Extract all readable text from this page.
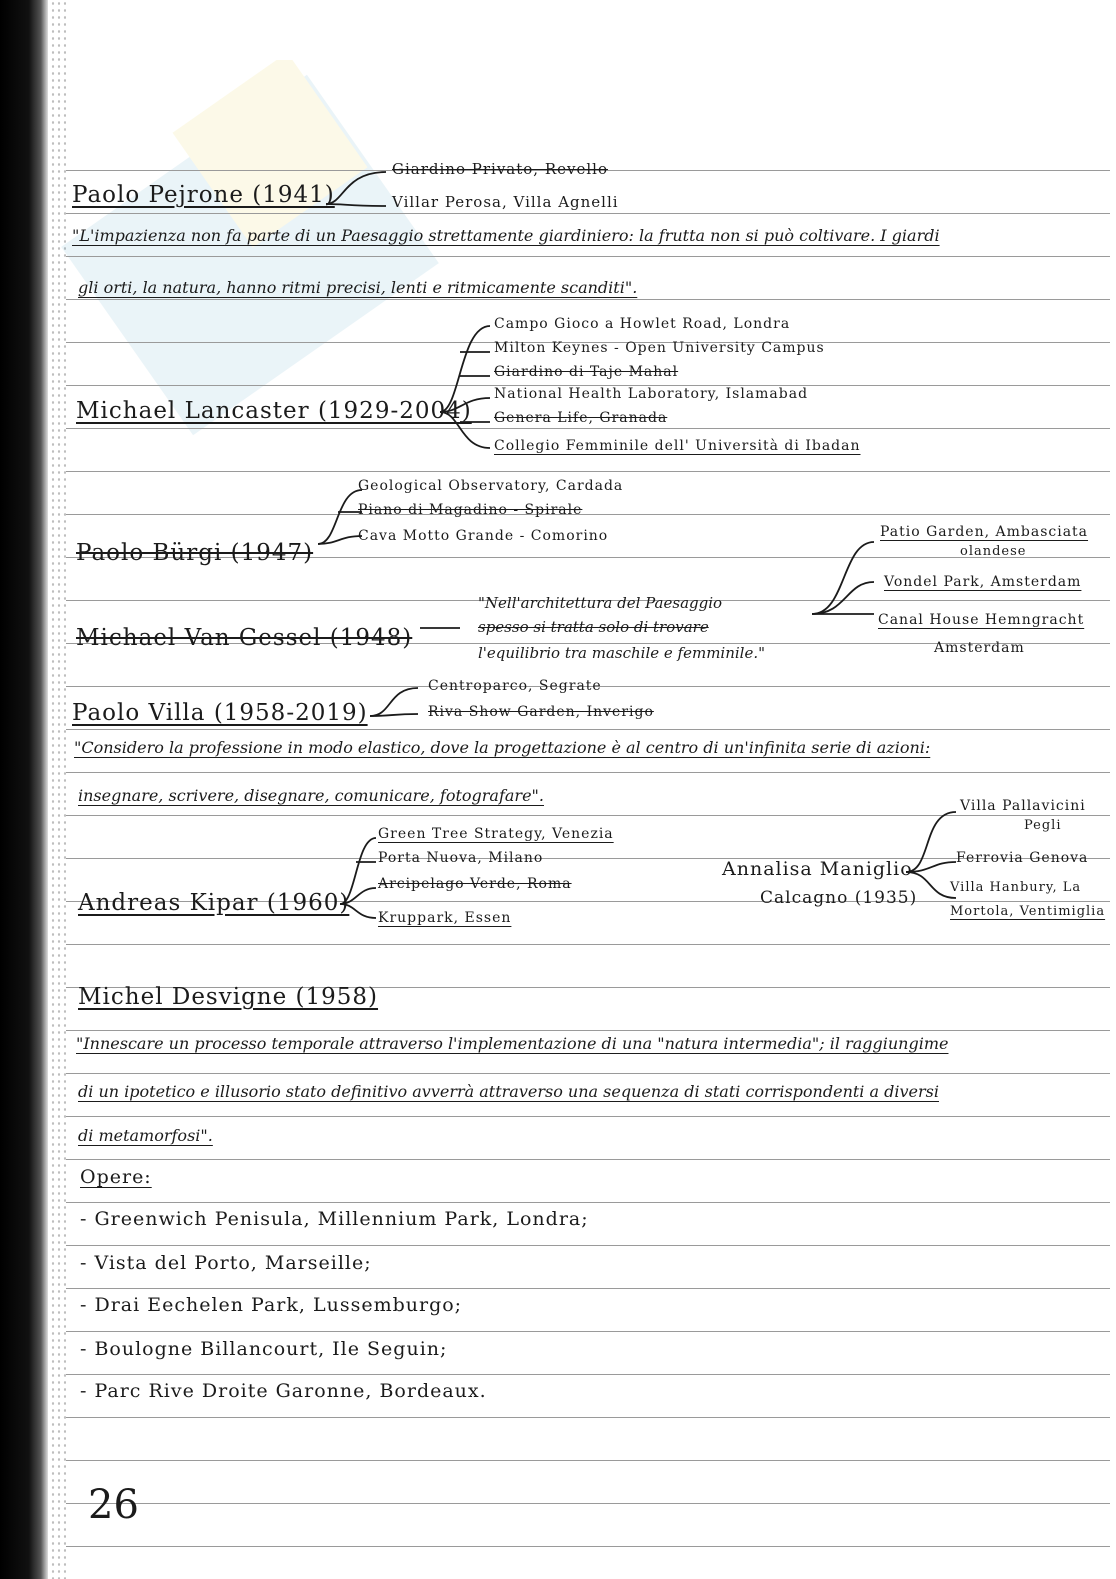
Paolo Pejrone (1941)
Giardino Privato, Revello
Villar Perosa, Villa Agnelli
"L'impazienza non fa parte di un Paesaggio strettamente giardiniero: la frutta non si può coltivare. I giardi
gli orti, la natura, hanno ritmi precisi, lenti e ritmicamente scanditi".
Michael Lancaster (1929-2004)
Campo Gioco a Howlet Road, Londra
Milton Keynes - Open University Campus
Giardino di Taje Mahal
National Health Laboratory, Islamabad
Genera Life, Granada
Collegio Femminile dell' Università di Ibadan
Paolo Bürgi (1947)
Geological Observatory, Cardada
Piano di Magadino - Spirale
Cava Motto Grande - Comorino
Michael Van Gessel (1948)
"Nell'architettura del Paesaggio
spesso si tratta solo di trovare
l'equilibrio tra maschile e femminile."
Patio Garden, Ambasciata
olandese
Vondel Park, Amsterdam
Canal House Hemngracht
Amsterdam
Paolo Villa (1958-2019)
Centroparco, Segrate
Riva Show Garden, Inverigo
"Considero la professione in modo elastico, dove la progettazione è al centro di un'infinita serie di azioni:
insegnare, scrivere, disegnare, comunicare, fotografare".
Andreas Kipar (1960)
Green Tree Strategy, Venezia
Porta Nuova, Milano
Arcipelago Verde, Roma
Kruppark, Essen
Annalisa Maniglio
Calcagno (1935)
Villa Pallavicini
Pegli
Ferrovia Genova
Villa Hanbury, La
Mortola, Ventimiglia
Michel Desvigne (1958)
"Innescare un processo temporale attraverso l'implementazione di una "natura intermedia"; il raggiungime
di un ipotetico e illusorio stato definitivo avverrà attraverso una sequenza di stati corrispondenti a diversi
di metamorfosi".
Opere:
- Greenwich Penisula, Millennium Park, Londra;
- Vista del Porto, Marseille;
- Drai Eechelen Park, Lussemburgo;
- Boulogne Billancourt, Ile Seguin;
- Parc Rive Droite Garonne, Bordeaux.
26
